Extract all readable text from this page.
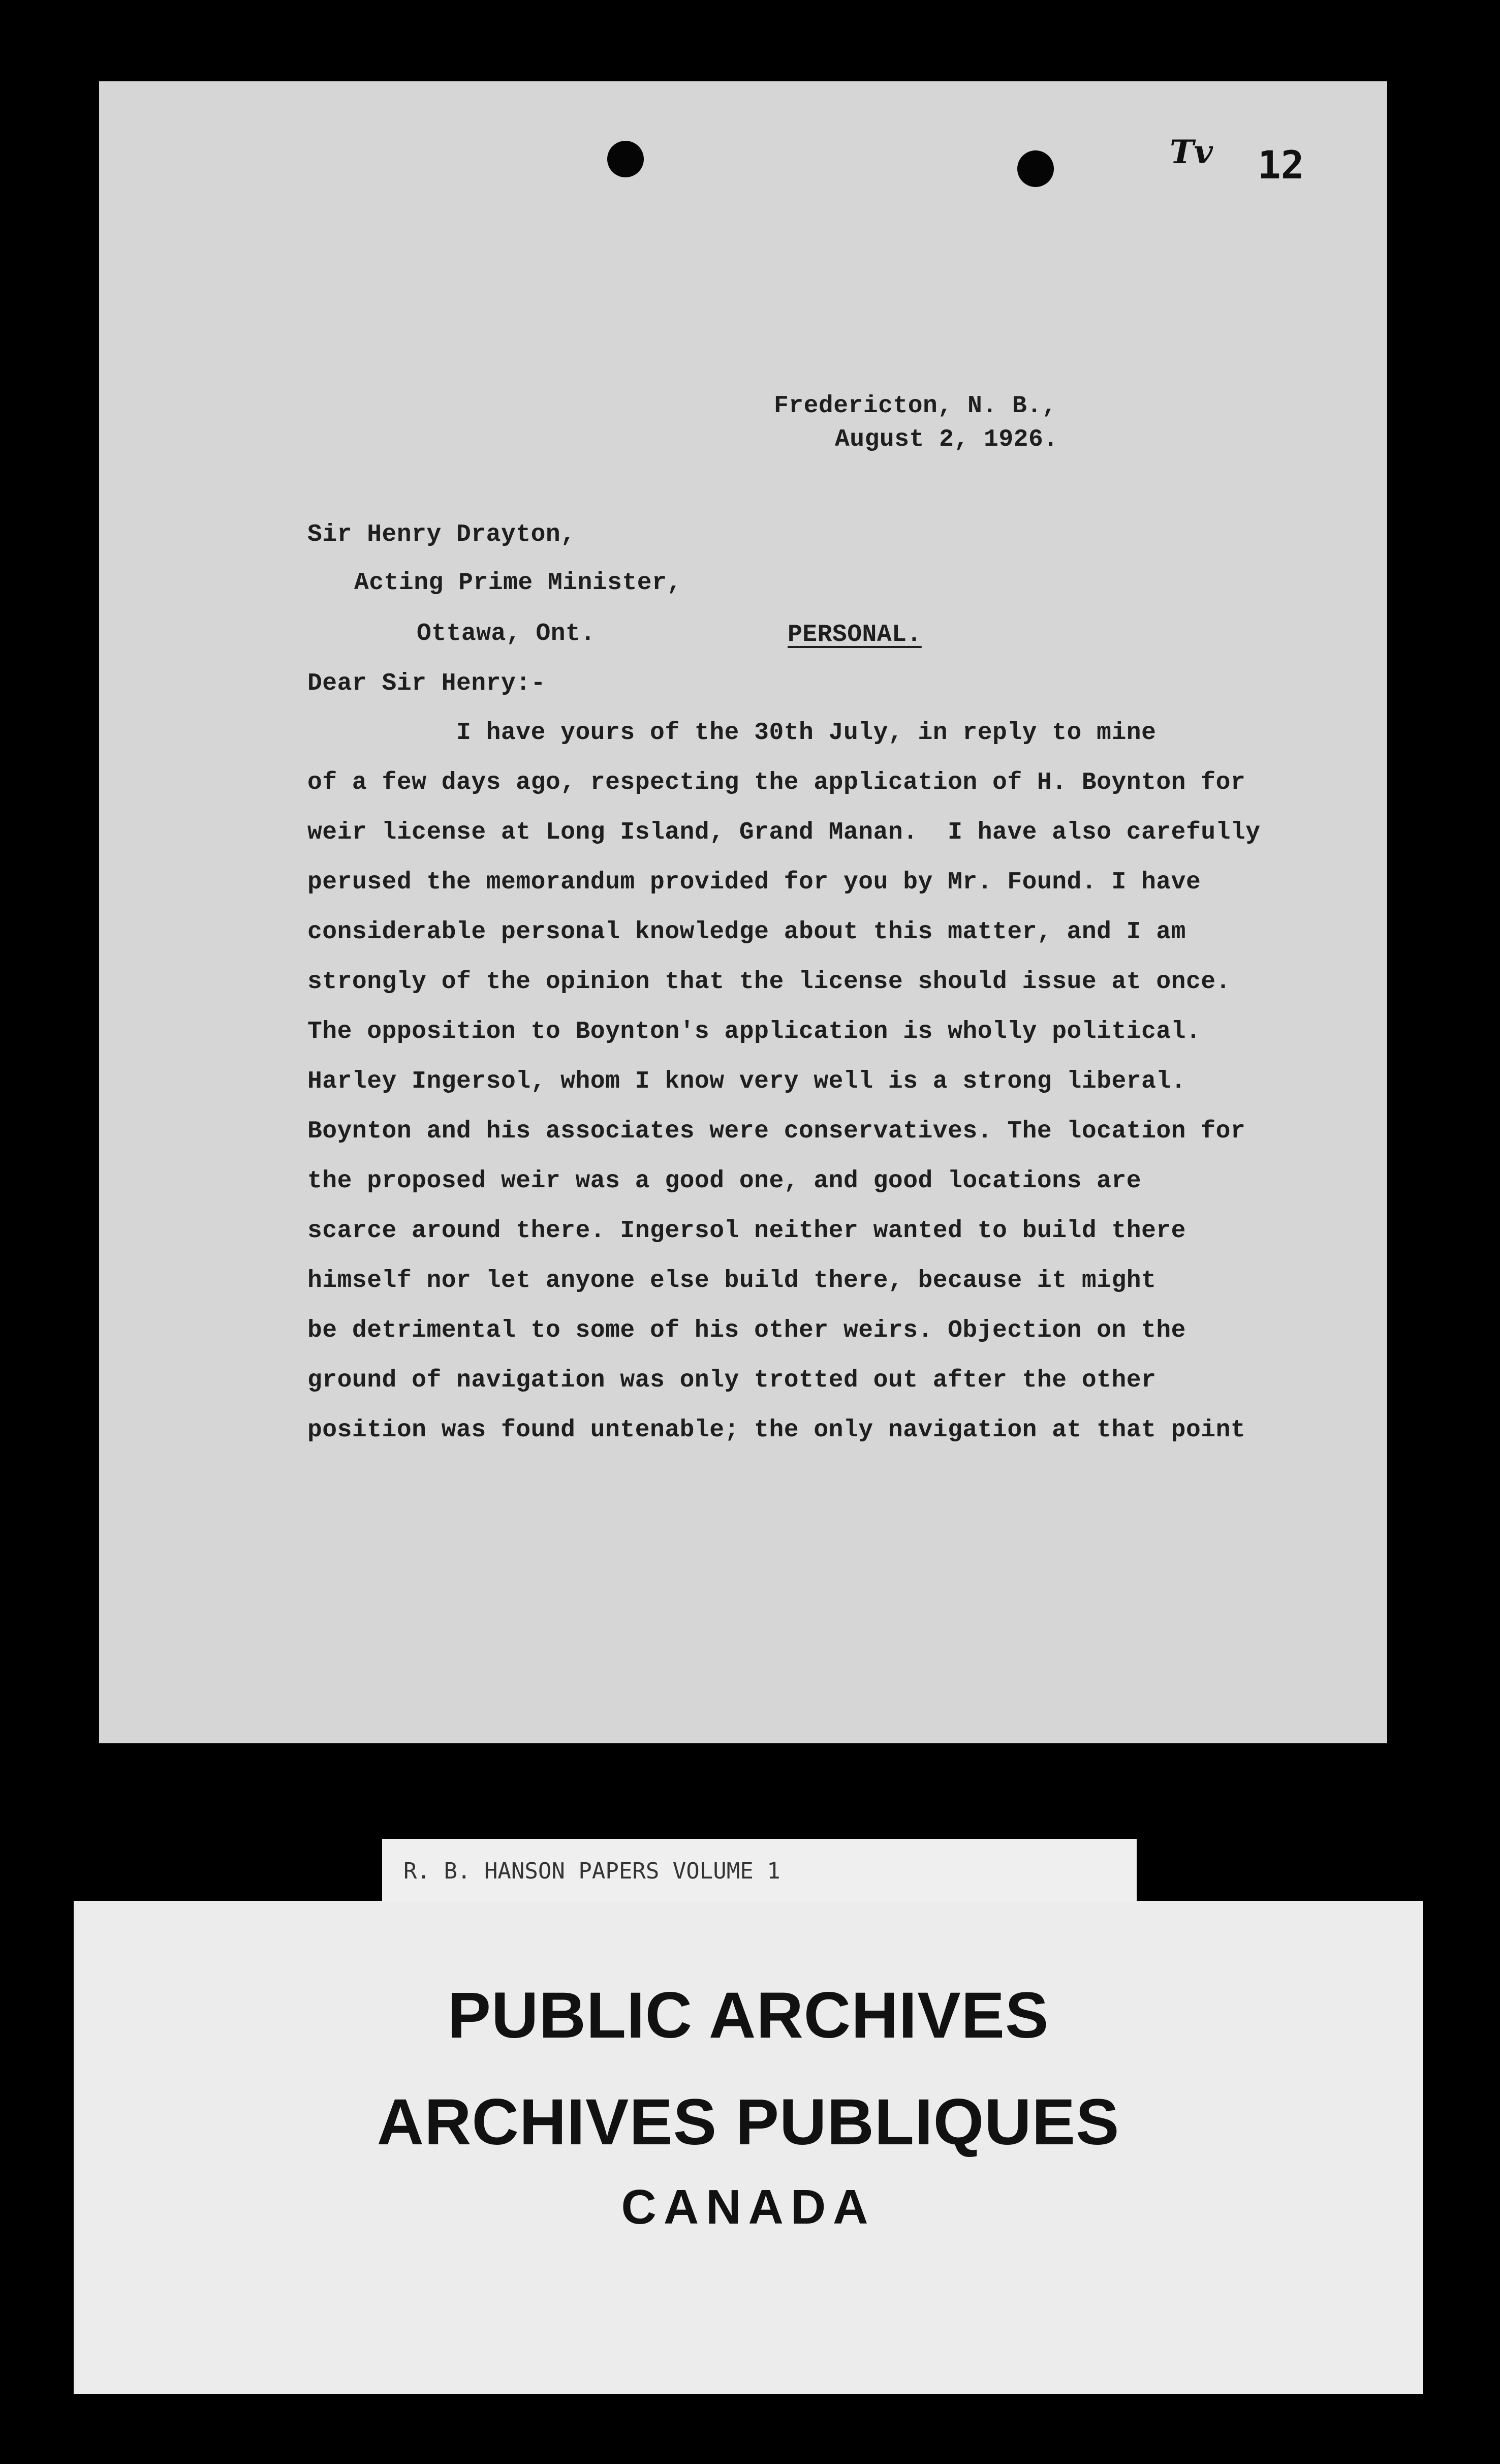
Tv 12
Fredericton, N. B.,
August 2, 1926.
Sir Henry Drayton,
Acting Prime Minister,
Ottawa, Ont.	PERSONAL.
Dear Sir Henry:-
I have yours of the 30th July, in reply to mine
of a few days ago, respecting the application of H. Boynton for
weir license at Long Island, Grand Manan.  I have also carefully
perused the memorandum provided for you by Mr. Found. I have
considerable personal knowledge about this matter, and I am
strongly of the opinion that the license should issue at once.
The opposition to Boynton's application is wholly political.
Harley Ingersol, whom I know very well is a strong liberal.
Boynton and his associates were conservatives. The location for
the proposed weir was a good one, and good locations are
scarce around there. Ingersol neither wanted to build there
himself nor let anyone else build there, because it might
be detrimental to some of his other weirs. Objection on the
ground of navigation was only trotted out after the other
position was found untenable; the only navigation at that point
R. B. HANSON PAPERS VOLUME 1
PUBLIC ARCHIVES
ARCHIVES PUBLIQUES
CANADA
